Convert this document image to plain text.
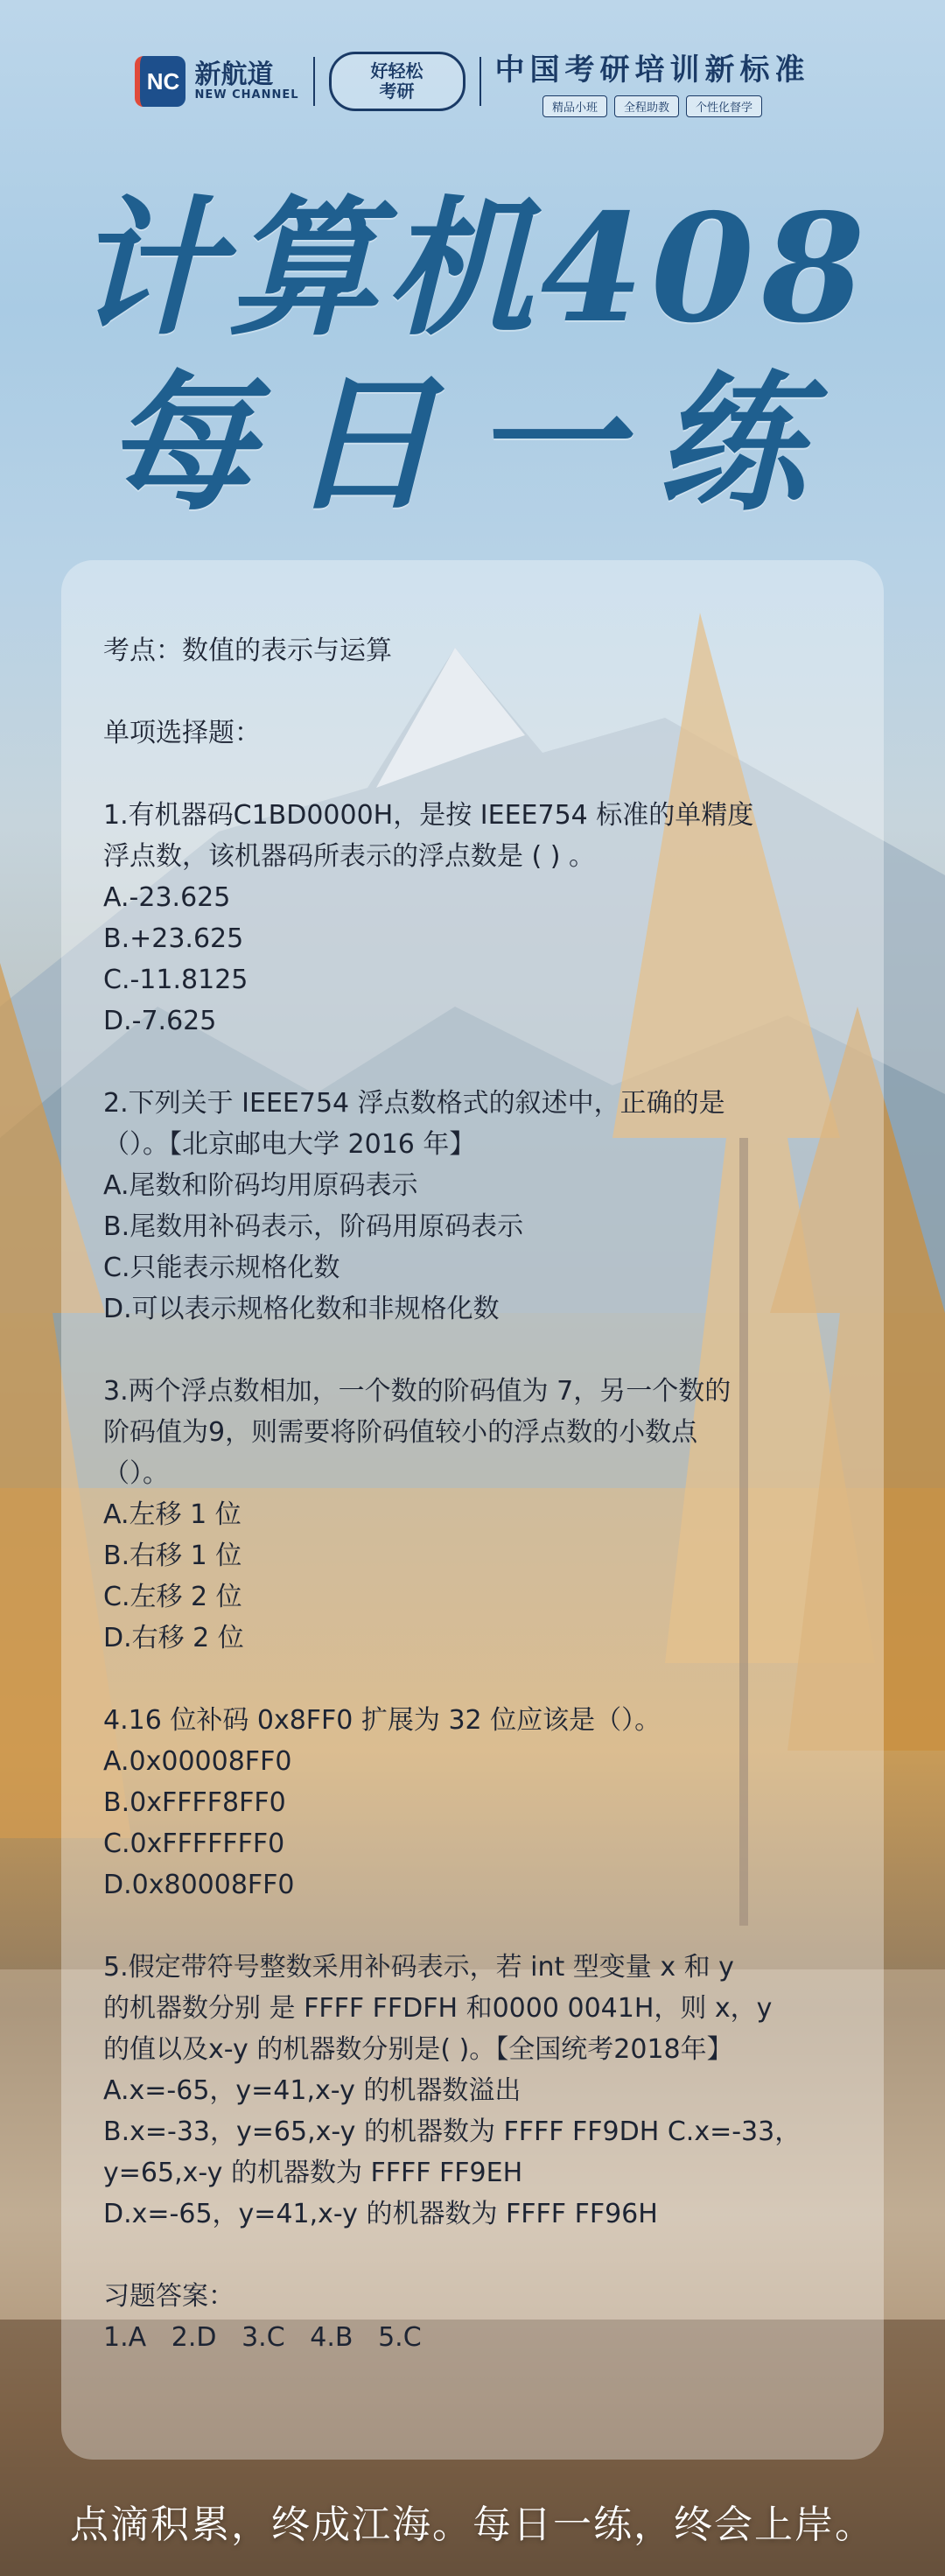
NC 新航道
NEW CHANNEL
好轻松
考研
中国考研培训新标准
精品小班	全程助教	个性化督学
计算机408
每日一练
考点：数值的表示与运算
单项选择题：
1.有机器码C1BD0000H，是按 IEEE754 标准的单精度
浮点数，该机器码所表示的浮点数是 ( ) 。
A.-23.625
B.+23.625
C.-11.8125
D.-7.625
2.下列关于 IEEE754 浮点数格式的叙述中，正确的是
（）。【北京邮电大学 2016 年】
A.尾数和阶码均用原码表示
B.尾数用补码表示，阶码用原码表示
C.只能表示规格化数
D.可以表示规格化数和非规格化数
3.两个浮点数相加，一个数的阶码值为 7，另一个数的
阶码值为9，则需要将阶码值较小的浮点数的小数点
（）。
A.左移 1 位
B.右移 1 位
C.左移 2 位
D.右移 2 位
4.16 位补码 0x8FF0 扩展为 32 位应该是（）。
A.0x00008FF0
B.0xFFFF8FF0
C.0xFFFFFFF0
D.0x80008FF0
5.假定带符号整数采用补码表示，若 int 型变量 x 和 y
的机器数分别 是 FFFF FFDFH 和0000 0041H，则 x，y
的值以及x-y 的机器数分别是( )。【全国统考2018年】
A.x=-65，y=41,x-y 的机器数溢出
B.x=-33，y=65,x-y 的机器数为 FFFF FF9DH C.x=-33，
y=65,x-y 的机器数为 FFFF FF9EH
D.x=-65，y=41,x-y 的机器数为 FFFF FF96H
习题答案：
1.A   2.D   3.C   4.B   5.C
点滴积累，终成江海。每日一练，终会上岸。
